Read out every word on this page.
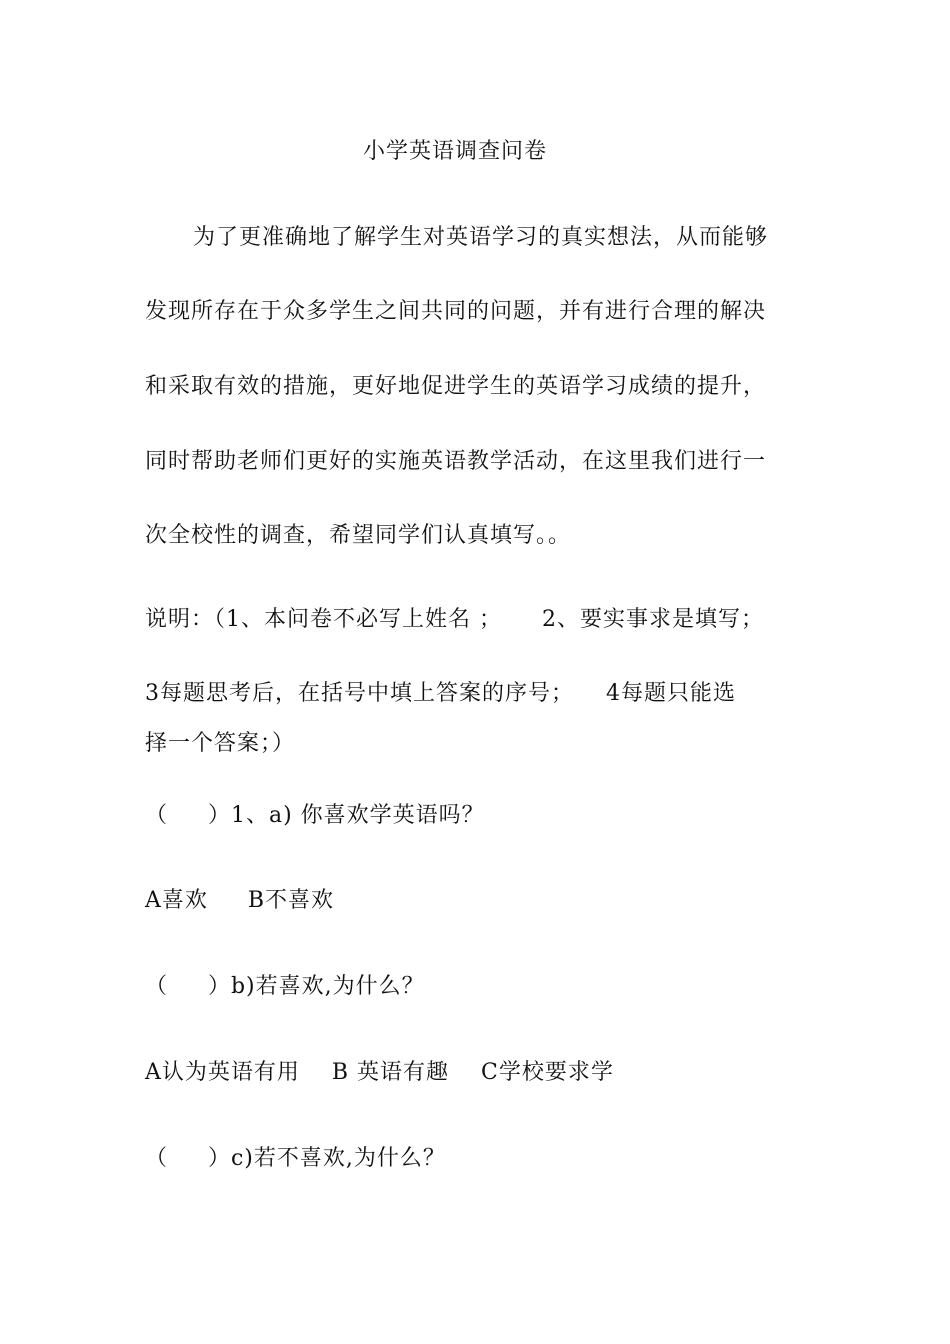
小学英语调查问卷
为了更准确地了解学生对英语学习的真实想法，从而能够
发现所存在于众多学生之间共同的问题，并有进行合理的解决
和采取有效的措施，更好地促进学生的英语学习成绩的提升，
同时帮助老师们更好的实施英语教学活动，在这里我们进行一
次全校性的调查，希望同学们认真填写。。
说明：（1、本问卷不必写上姓名 ；     2、要实事求是填写；
3每题思考后，在括号中填上答案的序号；    4每题只能选
择一个答案；）
（     ）1、a) 你喜欢学英语吗？
A喜欢     B不喜欢
（     ）b)若喜欢,为什么？
A认为英语有用    B 英语有趣    C学校要求学
（     ）c)若不喜欢,为什么？
